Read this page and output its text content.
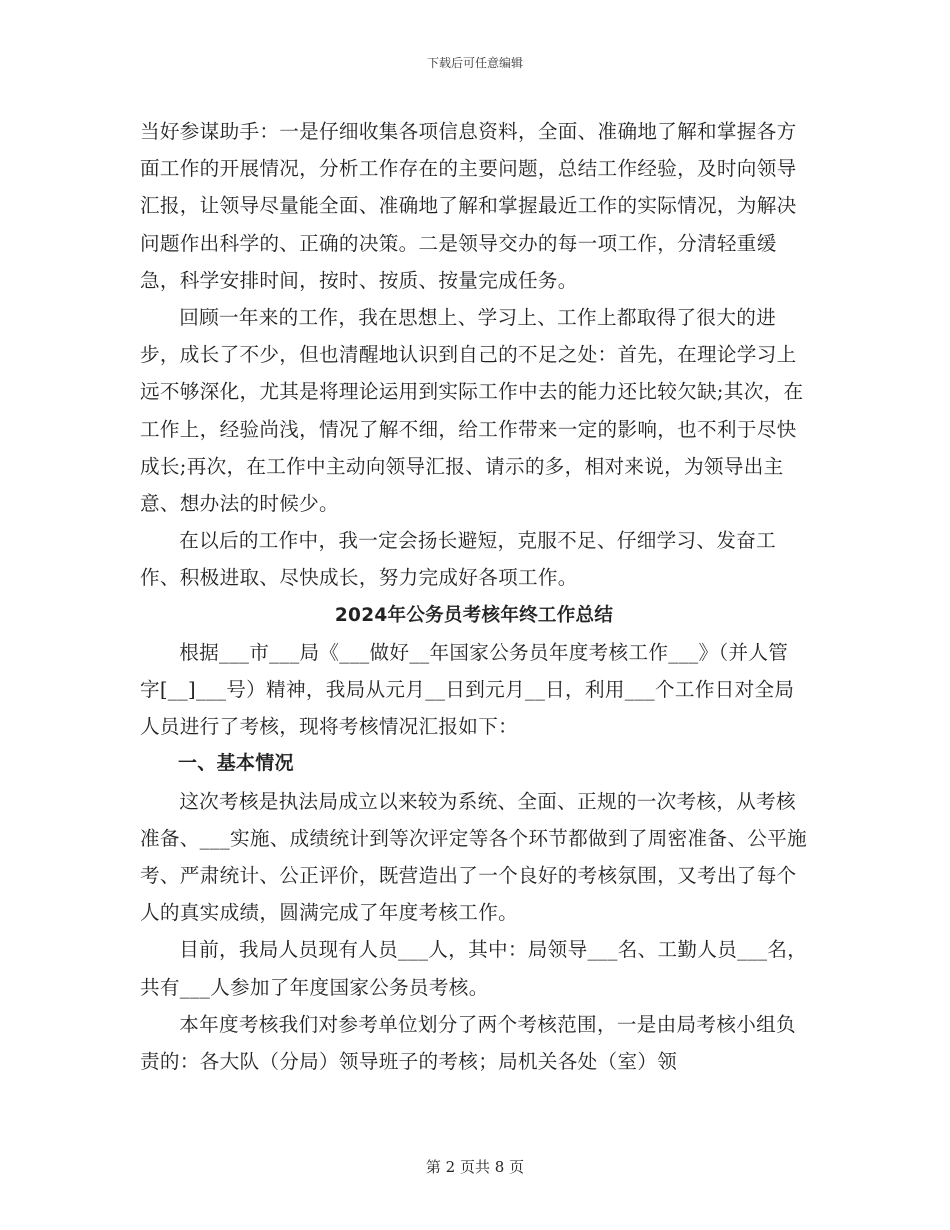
下载后可任意编辑

当好参谋助手：一是仔细收集各项信息资料，全面、准确地了解和掌握各方面工作的开展情况，分析工作存在的主要问题，总结工作经验，及时向领导汇报，让领导尽量能全面、准确地了解和掌握最近工作的实际情况，为解决问题作出科学的、正确的决策。二是领导交办的每一项工作，分清轻重缓急，科学安排时间，按时、按质、按量完成任务。

回顾一年来的工作，我在思想上、学习上、工作上都取得了很大的进步，成长了不少，但也清醒地认识到自己的不足之处：首先，在理论学习上远不够深化，尤其是将理论运用到实际工作中去的能力还比较欠缺;其次，在工作上，经验尚浅，情况了解不细，给工作带来一定的影响，也不利于尽快成长;再次，在工作中主动向领导汇报、请示的多，相对来说，为领导出主意、想办法的时候少。

在以后的工作中，我一定会扬长避短，克服不足、仔细学习、发奋工作、积极进取、尽快成长，努力完成好各项工作。

2024年公务员考核年终工作总结

根据___市___局《___做好__年国家公务员年度考核工作___》（并人管字[__]___号）精神，我局从元月__日到元月__日，利用___个工作日对全局人员进行了考核，现将考核情况汇报如下：

一、基本情况

这次考核是执法局成立以来较为系统、全面、正规的一次考核，从考核准备、___实施、成绩统计到等次评定等各个环节都做到了周密准备、公平施考、严肃统计、公正评价，既营造出了一个良好的考核氛围，又考出了每个人的真实成绩，圆满完成了年度考核工作。

目前，我局人员现有人员___人，其中：局领导___名、工勤人员___名，共有___人参加了年度国家公务员考核。

本年度考核我们对参考单位划分了两个考核范围，一是由局考核小组负责的：各大队（分局）领导班子的考核；局机关各处（室）领

第 2 页共 8 页
